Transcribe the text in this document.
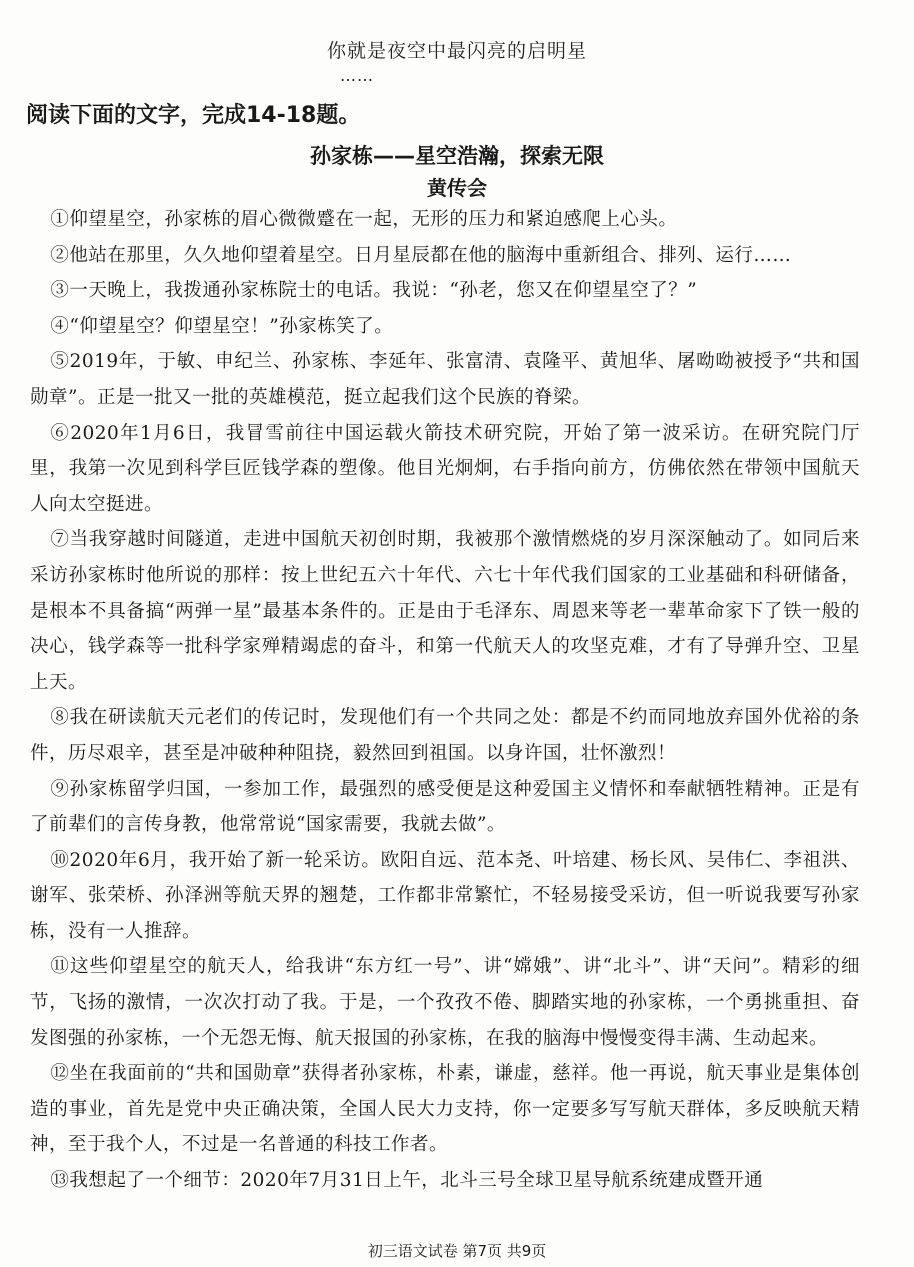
你就是夜空中最闪亮的启明星
……
阅读下面的文字，完成14-18题。
孙家栋——星空浩瀚，探索无限
黄传会

①仰望星空，孙家栋的眉心微微蹙在一起，无形的压力和紧迫感爬上心头。

②他站在那里，久久地仰望着星空。日月星辰都在他的脑海中重新组合、排列、运行……

③一天晚上，我拨通孙家栋院士的电话。我说：“孙老，您又在仰望星空了？”

④“仰望星空？仰望星空！”孙家栋笑了。

⑤2019年，于敏、申纪兰、孙家栋、李延年、张富清、袁隆平、黄旭华、屠呦呦被授予“共和国勋章”。正是一批又一批的英雄模范，挺立起我们这个民族的脊梁。

⑥2020年1月6日，我冒雪前往中国运载火箭技术研究院，开始了第一波采访。在研究院门厅里，我第一次见到科学巨匠钱学森的塑像。他目光炯炯，右手指向前方，仿佛依然在带领中国航天人向太空挺进。

⑦当我穿越时间隧道，走进中国航天初创时期，我被那个激情燃烧的岁月深深触动了。如同后来采访孙家栋时他所说的那样：按上世纪五六十年代、六七十年代我们国家的工业基础和科研储备，是根本不具备搞“两弹一星”最基本条件的。正是由于毛泽东、周恩来等老一辈革命家下了铁一般的决心，钱学森等一批科学家殚精竭虑的奋斗，和第一代航天人的攻坚克难，才有了导弹升空、卫星上天。

⑧我在研读航天元老们的传记时，发现他们有一个共同之处：都是不约而同地放弃国外优裕的条件，历尽艰辛，甚至是冲破种种阻挠，毅然回到祖国。以身许国，壮怀激烈！

⑨孙家栋留学归国，一参加工作，最强烈的感受便是这种爱国主义情怀和奉献牺牲精神。正是有了前辈们的言传身教，他常常说“国家需要，我就去做”。

⑩2020年6月，我开始了新一轮采访。欧阳自远、范本尧、叶培建、杨长风、吴伟仁、李祖洪、谢军、张荣桥、孙泽洲等航天界的翘楚，工作都非常繁忙，不轻易接受采访，但一听说我要写孙家栋，没有一人推辞。

⑪这些仰望星空的航天人，给我讲“东方红一号”、讲“嫦娥”、讲“北斗”、讲“天问”。精彩的细节，飞扬的激情，一次次打动了我。于是，一个孜孜不倦、脚踏实地的孙家栋，一个勇挑重担、奋发图强的孙家栋，一个无怨无悔、航天报国的孙家栋，在我的脑海中慢慢变得丰满、生动起来。

⑫坐在我面前的“共和国勋章”获得者孙家栋，朴素，谦虚，慈祥。他一再说，航天事业是集体创造的事业，首先是党中央正确决策，全国人民大力支持，你一定要多写写航天群体，多反映航天精神，至于我个人，不过是一名普通的科技工作者。

⑬我想起了一个细节：2020年7月31日上午，北斗三号全球卫星导航系统建成暨开通

初三语文试卷 第7页 共9页
